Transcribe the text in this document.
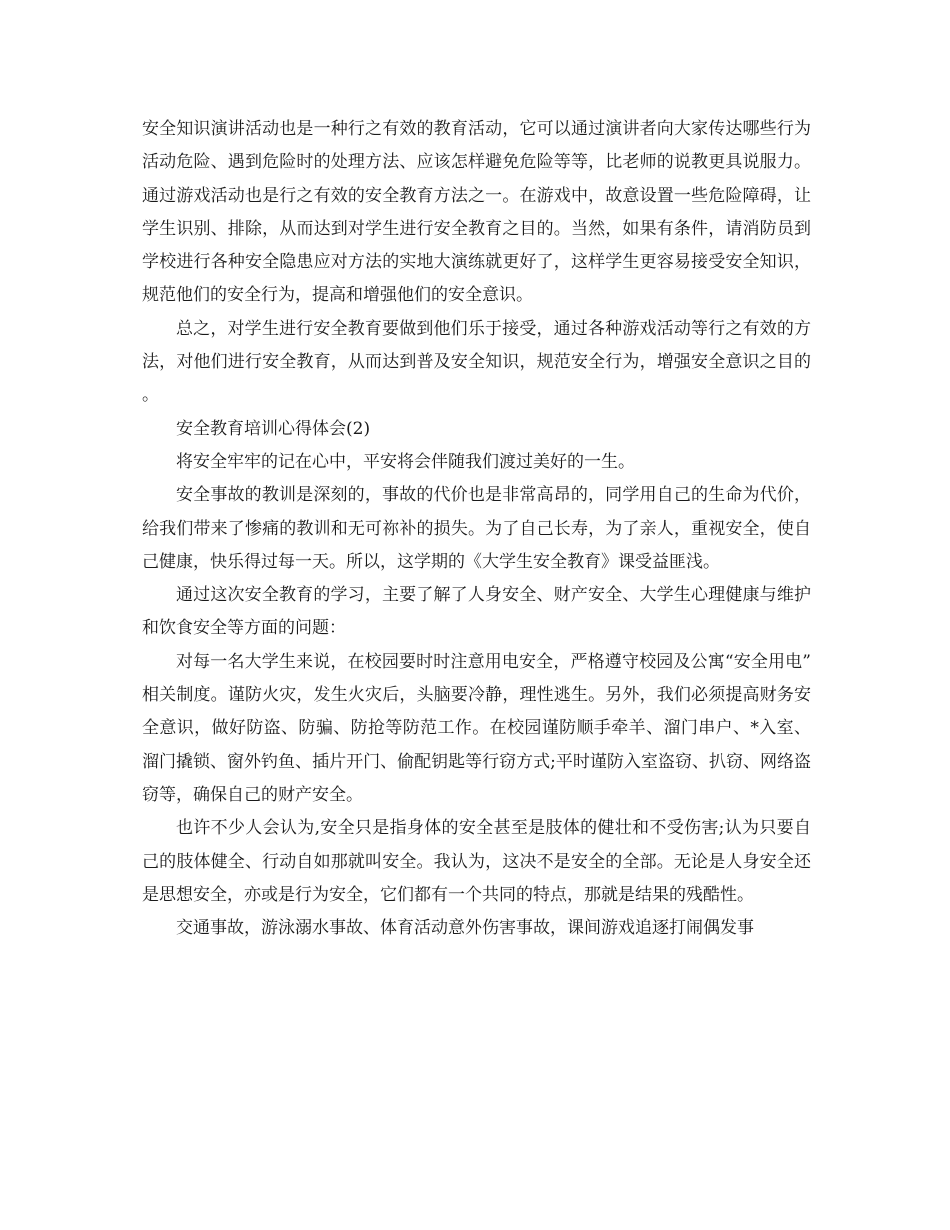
安全知识演讲活动也是一种行之有效的教育活动，它可以通过演讲者向大家传达哪些行为活动危险、遇到危险时的处理方法、应该怎样避免危险等等，比老师的说教更具说服力。通过游戏活动也是行之有效的安全教育方法之一。在游戏中，故意设置一些危险障碍，让学生识别、排除，从而达到对学生进行安全教育之目的。当然，如果有条件，请消防员到学校进行各种安全隐患应对方法的实地大演练就更好了，这样学生更容易接受安全知识，规范他们的安全行为，提高和增强他们的安全意识。

总之，对学生进行安全教育要做到他们乐于接受，通过各种游戏活动等行之有效的方法，对他们进行安全教育，从而达到普及安全知识，规范安全行为，增强安全意识之目的。

安全教育培训心得体会(2)

将安全牢牢的记在心中，平安将会伴随我们渡过美好的一生。

安全事故的教训是深刻的，事故的代价也是非常高昂的，同学用自己的生命为代价，给我们带来了惨痛的教训和无可祢补的损失。为了自己长寿，为了亲人，重视安全，使自己健康，快乐得过每一天。所以，这学期的《大学生安全教育》课受益匪浅。

通过这次安全教育的学习，主要了解了人身安全、财产安全、大学生心理健康与维护和饮食安全等方面的问题：

对每一名大学生来说，在校园要时时注意用电安全，严格遵守校园及公寓“安全用电”相关制度。谨防火灾，发生火灾后，头脑要冷静，理性逃生。另外，我们必须提高财务安全意识，做好防盗、防骗、防抢等防范工作。在校园谨防顺手牵羊、溜门串户、*入室、溜门撬锁、窗外钓鱼、插片开门、偷配钥匙等行窃方式;平时谨防入室盗窃、扒窃、网络盗窃等，确保自己的财产安全。

也许不少人会认为,安全只是指身体的安全甚至是肢体的健壮和不受伤害;认为只要自己的肢体健全、行动自如那就叫安全。我认为，这决不是安全的全部。无论是人身安全还是思想安全，亦或是行为安全，它们都有一个共同的特点，那就是结果的残酷性。

交通事故，游泳溺水事故、体育活动意外伤害事故，课间游戏追逐打闹偶发事
